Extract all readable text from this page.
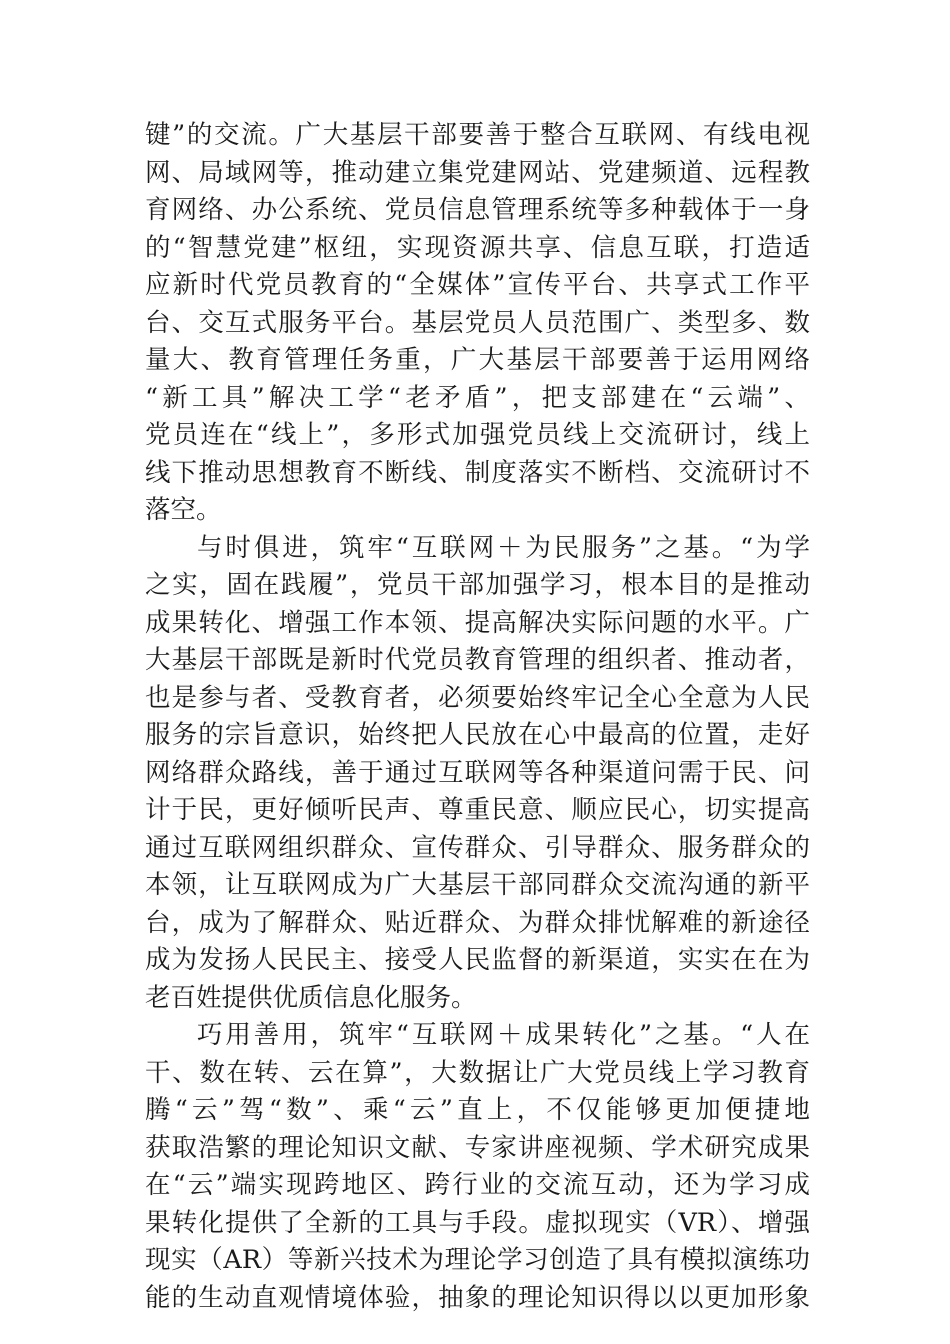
键”的交流。广大基层干部要善于整合互联网、有线电视
网、局域网等，推动建立集党建网站、党建频道、远程教
育网络、办公系统、党员信息管理系统等多种载体于一身
的“智慧党建”枢纽，实现资源共享、信息互联，打造适
应新时代党员教育的“全媒体”宣传平台、共享式工作平
台、交互式服务平台。基层党员人员范围广、类型多、数
量大、教育管理任务重，广大基层干部要善于运用网络
“新工具”解决工学“老矛盾”，把支部建在“云端”、
党员连在“线上”，多形式加强党员线上交流研讨，线上
线下推动思想教育不断线、制度落实不断档、交流研讨不
落空。
与时俱进，筑牢“互联网＋为民服务”之基。“为学
之实，固在践履”，党员干部加强学习，根本目的是推动
成果转化、增强工作本领、提高解决实际问题的水平。广
大基层干部既是新时代党员教育管理的组织者、推动者，
也是参与者、受教育者，必须要始终牢记全心全意为人民
服务的宗旨意识，始终把人民放在心中最高的位置，走好
网络群众路线，善于通过互联网等各种渠道问需于民、问
计于民，更好倾听民声、尊重民意、顺应民心，切实提高
通过互联网组织群众、宣传群众、引导群众、服务群众的
本领，让互联网成为广大基层干部同群众交流沟通的新平
台，成为了解群众、贴近群众、为群众排忧解难的新途径
成为发扬人民民主、接受人民监督的新渠道，实实在在为
老百姓提供优质信息化服务。
巧用善用，筑牢“互联网＋成果转化”之基。“人在
干、数在转、云在算”，大数据让广大党员线上学习教育
腾“云”驾“数”、乘“云”直上，不仅能够更加便捷地
获取浩繁的理论知识文献、专家讲座视频、学术研究成果
在“云”端实现跨地区、跨行业的交流互动，还为学习成
果转化提供了全新的工具与手段。虚拟现实（VR）、增强
现实（AR）等新兴技术为理论学习创造了具有模拟演练功
能的生动直观情境体验，抽象的理论知识得以以更加形象
